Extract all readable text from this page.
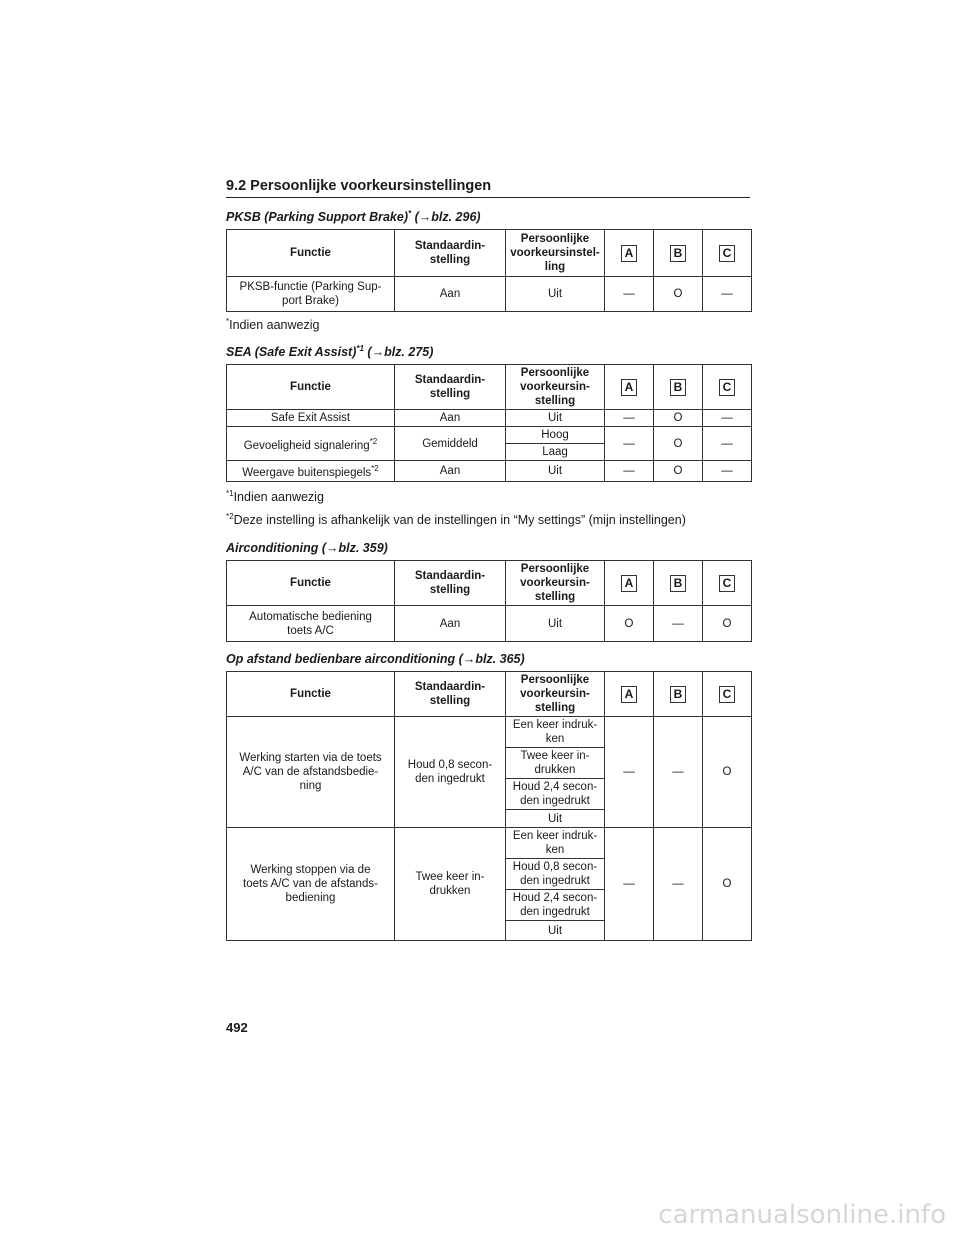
9.2 Persoonlijke voorkeursinstellingen
PKSB (Parking Support Brake)* (→blz. 296)
Functie	Standaardin-
stelling	Persoonlijke
voorkeursinstel-
ling	A	B	C
PKSB-functie (Parking Sup-
port Brake)	Aan	Uit	—	O	—
*Indien aanwezig
SEA (Safe Exit Assist)$^{*1}$ (→blz. 275)
Functie	Standaardin-
stelling	Persoonlijke
voorkeursin-
stelling	A	B	C
Safe Exit Assist	Aan	Uit	—	O	—
Gevoeligheid signalering$^{*2}$	Gemiddeld	Hoog	—	O	—
		Laag			
Weergave buitenspiegels$^{*2}$	Aan	Uit	—	O	—
$^{*1}$Indien aanwezig
$^{*2}$Deze instelling is afhankelijk van de instellingen in “My settings” (mijn instellingen)
Airconditioning (→blz. 359)
Functie	Standaardin-
stelling	Persoonlijke
voorkeursin-
stelling	A	B	C
Automatische bediening
toets A/C	Aan	Uit	O	—	O
Op afstand bedienbare airconditioning (→blz. 365)
Functie	Standaardin-
stelling	Persoonlijke
voorkeursin-
stelling	A	B	C
Werking starten via de toets
A/C van de afstandsbedie-
ning	Houd 0,8 secon-
den ingedrukt	Een keer indruk-
ken	—	—	O
		Twee keer in-
drukken			
		Houd 2,4 secon-
den ingedrukt			
		Uit			
Werking stoppen via de
toets A/C van de afstands-
bediening	Twee keer in-
drukken	Een keer indruk-
ken	—	—	O
		Houd 0,8 secon-
den ingedrukt			
		Houd 2,4 secon-
den ingedrukt			
		Uit			
492
carmanualsonline.info
